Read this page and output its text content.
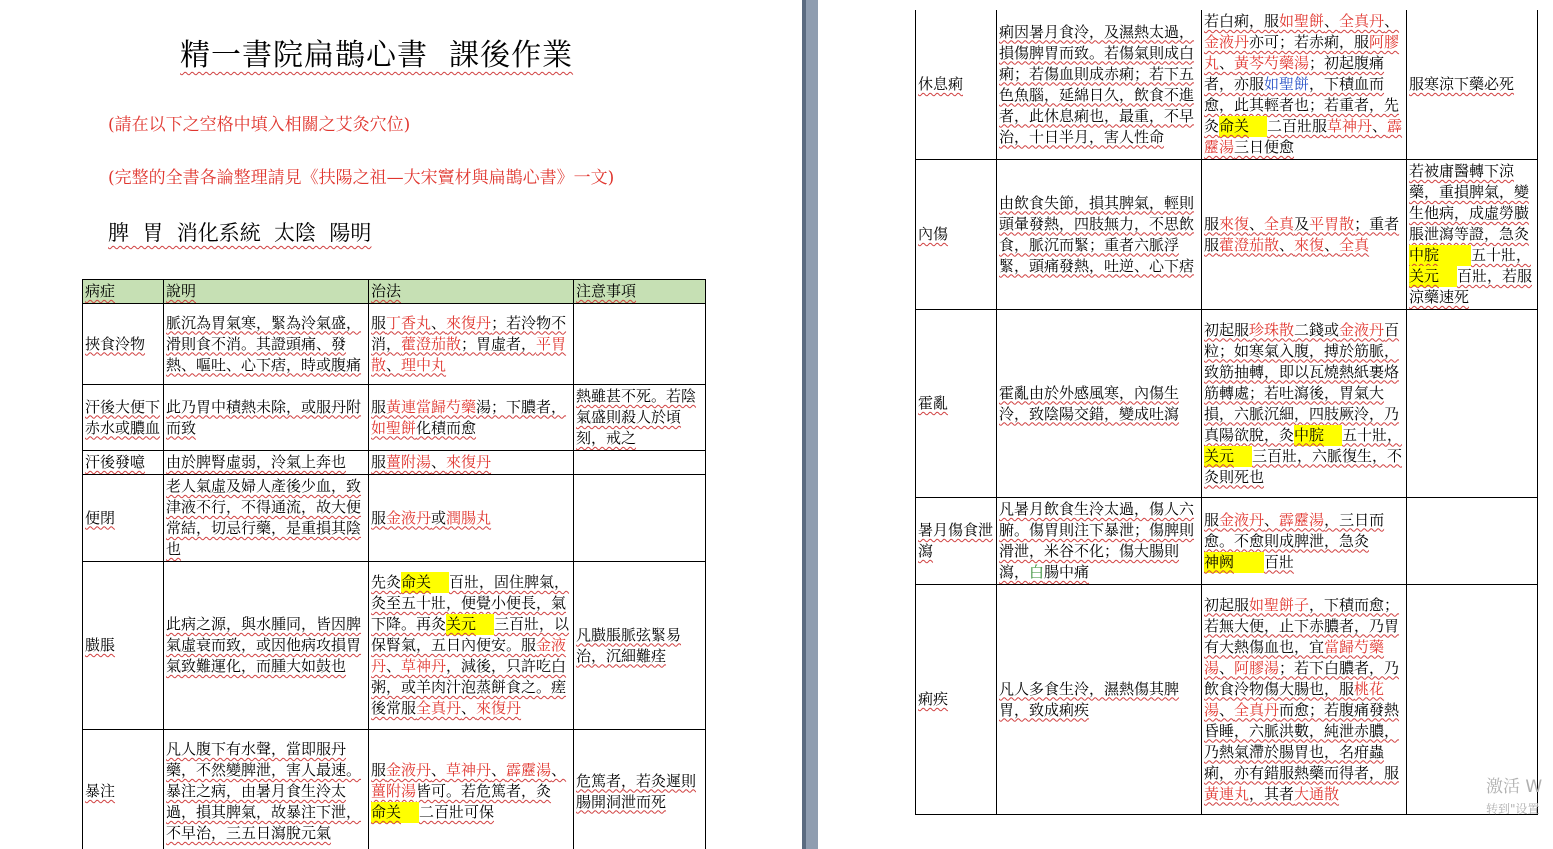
精一書院扁鵲心書  課後作業
(請在以下之空格中填入相關之艾灸穴位)
(完整的全書各論整理請見《扶陽之祖—大宋竇材與扁鵲心書》一文)
脾  胃  消化系統  太陰  陽明
病症	說明	治法	注意事項
挾食泠物	脈沉為胃氣寒，緊為泠氣盛，滑則食不消。其證頭痛、發熱、嘔吐、心下痞，時或腹痛	服丁香丸、來復丹；若泠物不消，藿澄茄散；胃虛者，平胃散、理中丸	
汗後大便下赤水或膿血	此乃胃中積熱未除，或服丹附而致	服黃連當歸芍藥湯；下膿者，如聖餅化積而愈	熱雖甚不死。若陰氣盛則殺人於頃刻，戒之
汗後發噫	由於脾腎虛弱，泠氣上奔也	服薑附湯、來復丹	
便閉	老人氣虛及婦人產後少血，致津液不行，不得通流，故大便常結，切忌行藥，是重損其陰也	服金液丹或潤腸丸	
臌脹	此病之源，與水腫同，皆因脾氣虛衰而致，或因他病攻損胃氣致難運化，而腫大如鼓也	先灸命关 百壯，固住脾氣，灸至五十壯，便覺小便長，氣下降。再灸关元 三百壯，以保腎氣，五日內便安。服金液丹、草神丹，減後，只許吃白粥，或羊肉汁泡蒸餅食之。瘥後常服全真丹、來復丹	凡臌脹脈弦緊易治，沉細難痊
暴注	凡人腹下有水聲，當即服丹藥，不然變脾泄，害人最速。暴注之病，由暑月食生泠太過，損其脾氣，故暴注下泄，不早治，三五日瀉脫元氣	服金液丹、草神丹、霹靂湯、薑附湯皆可。若危篤者，灸命关 二百壯可保	危篤者，若灸遲則腸開洞泄而死
休息痢	痢因暑月食泠，及濕熱太過，損傷脾胃而致。若傷氣則成白痢；若傷血則成赤痢；若下五色魚腦，延綿日久，飲食不進者，此休息痢也，最重，不早治，十日半月，害人性命	若白痢，服如聖餅、全真丹、金液丹亦可；若赤痢，服阿膠丸、黃芩芍藥湯；初起腹痛者，亦服如聖餅，下積血而愈，此其輕者也；若重者，先灸命关 二百壯服草神丹、霹靂湯三日便愈	服寒涼下藥必死
內傷	由飲食失節，損其脾氣，輕則頭暈發熱，四肢無力，不思飲食，脈沉而緊；重者六脈浮緊，頭痛發熱，吐逆、心下痞	服來復、全真及平胃散；重者服藿澄茄散、來復、全真	若被庸醫轉下涼藥，重損脾氣，變生他病，成虛勞臌脹泄瀉等證，急灸中脘 五十壯，关元 百壯，若服涼藥速死
霍亂	霍亂由於外感風寒，內傷生泠，致陰陽交錯，變成吐瀉	初起服珍珠散二錢或金液丹百粒；如寒氣入腹，搏於筋脈，致筋抽轉，即以瓦燒熱紙裹烙筋轉處；若吐瀉後，胃氣大損，六脈沉細，四肢厥泠，乃真陽欲脫，灸中脘 五十壯，关元 三百壯，六脈復生，不灸則死也	
暑月傷食泄瀉	凡暑月飲食生泠太過，傷人六腑。傷胃則注下暴泄；傷脾則滑泄，米谷不化；傷大腸則瀉，白腸中痛	服金液丹、霹靂湯，三日而愈。不愈則成脾泄，急灸神阙 百壯	
痢疾	凡人多食生泠，濕熱傷其脾胃，致成痢疾	初起服如聖餅子，下積而愈；若無大便，止下赤膿者，乃胃有大熱傷血也，宜當歸芍藥湯、阿膠湯；若下白膿者，乃飲食泠物傷大腸也，服桃花湯、全真丹而愈；若腹痛發熱昏睡，六脈洪數，純泄赤膿，乃熱氣滯於腸胃也，名疳蟲痢，亦有錯服熱藥而得者，服黃連丸，其者大通散		激活 W
转到"设置
